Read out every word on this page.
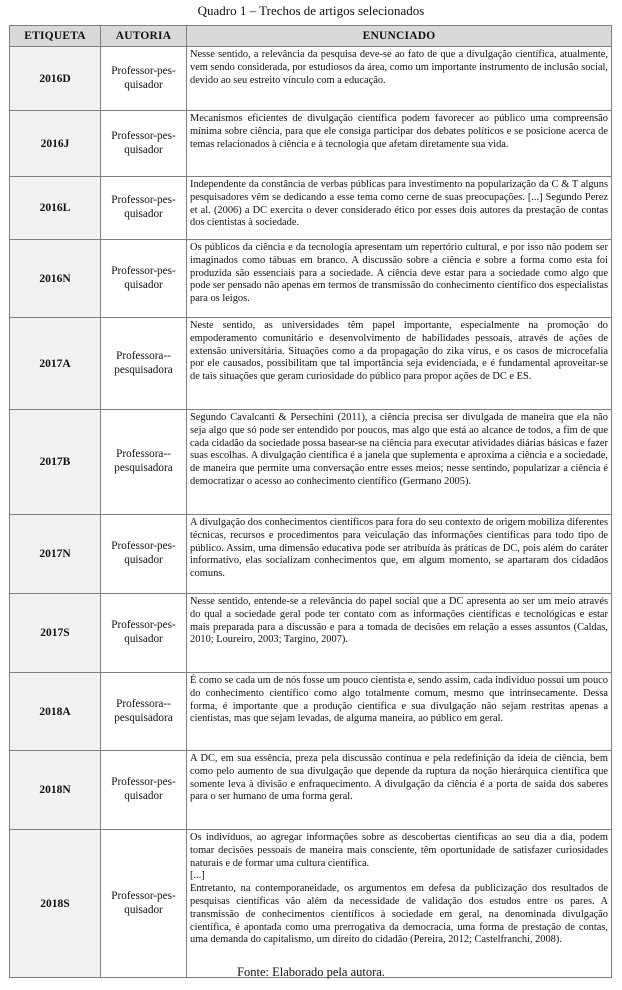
Quadro 1 – Trechos de artigos selecionados
ETIQUETA	AUTORIA	ENUNCIADO
2016D	Professor-pes-quisador	Nesse sentido, a relevância da pesquisa deve-se ao fato de que a divulgação científica, atualmente, vem sendo considerada, por estudiosos da área, como um importante instrumento de inclusão social, devido ao seu estreito vínculo com a educação.

2016J	Professor-pes-quisador	Mecanismos eficientes de divulgação científica podem favorecer ao público uma compreensão mínima sobre ciência, para que ele consiga participar dos debates políticos e se posicione acerca de temas relacionados à ciência e à tecnologia que afetam diretamente sua vida.

2016L	Professor-pes-quisador	Independente da constância de verbas públicas para investimento na popularização da C & T alguns pesquisadores vêm se dedicando a esse tema como cerne de suas preocupações. [...] Segundo Perez et al. (2006) a DC exercita o dever considerado ético por esses dois autores da prestação de contas dos cientistas à sociedade.

2016N	Professor-pes-quisador	Os públicos da ciência e da tecnologia apresentam um repertório cultural, e por isso não podem ser imaginados como tábuas em branco. A discussão sobre a ciência e sobre a forma como esta foi produzida são essenciais para a sociedade. A ciência deve estar para a sociedade como algo que pode ser pensado não apenas em termos de transmissão do conhecimento científico dos especialistas para os leigos.

2017A	Professora--pesquisadora	Neste sentido, as universidades têm papel importante, especialmente na promoção do empoderamento comunitário e desenvolvimento de habilidades pessoais, através de ações de extensão universitária. Situações como a da propagação do zika vírus, e os casos de microcefalia por ele causados, possibilitam que tal importância seja evidenciada, e é fundamental aproveitar-se de tais situações que geram curiosidade do público para propor ações de DC e ES.

2017B	Professora--pesquisadora	Segundo Cavalcanti & Persechini (2011), a ciência precisa ser divulgada de maneira que ela não seja algo que só pode ser entendido por poucos, mas algo que está ao alcance de todos, a fim de que cada cidadão da sociedade possa basear-se na ciência para executar atividades diárias básicas e fazer suas escolhas. A divulgação científica é a janela que suplementa e aproxima a ciência e a sociedade, de maneira que permite uma conversação entre esses meios; nesse sentindo, popularizar a ciência é democratizar o acesso ao conhecimento científico (Germano 2005).

2017N	Professor-pes-quisador	A divulgação dos conhecimentos científicos para fora do seu contexto de origem mobiliza diferentes técnicas, recursos e procedimentos para veiculação das informações científicas para todo tipo de público. Assim, uma dimensão educativa pode ser atribuída às práticas de DC, pois além do caráter informativo, elas socializam conhecimentos que, em algum momento, se apartaram dos cidadãos comuns.

2017S	Professor-pes-quisador	Nesse sentido, entende-se a relevância do papel social que a DC apresenta ao ser um meio através do qual a sociedade geral pode ter contato com as informações científicas e tecnológicas e estar mais preparada para a discussão e para a tomada de decisões em relação a esses assuntos (Caldas, 2010; Loureiro, 2003; Targino, 2007).

2018A	Professora--pesquisadora	É como se cada um de nós fosse um pouco cientista e, sendo assim, cada indivíduo possui um pouco do conhecimento científico como algo totalmente comum, mesmo que intrinsecamente. Dessa forma, é importante que a produção científica e sua divulgação não sejam restritas apenas a cientistas, mas que sejam levadas, de alguma maneira, ao público em geral.

2018N	Professor-pes-quisador	A DC, em sua essência, preza pela discussão contínua e pela redefinição da ideia de ciência, bem como pelo aumento de sua divulgação que depende da ruptura da noção hierárquica científica que somente leva à divisão e enfraquecimento. A divulgação da ciência é a porta de saída dos saberes para o ser humano de uma forma geral.

2018S	Professor-pes-quisador	Os indivíduos, ao agregar informações sobre as descobertas científicas ao seu dia a dia, podem tomar decisões pessoais de maneira mais consciente, têm oportunidade de satisfazer curiosidades naturais e de formar uma cultura científica.

[...]

Entretanto, na contemporaneidade, os argumentos em defesa da publicização dos resultados de pesquisas científicas vão além da necessidade de validação dos estudos entre os pares. A transmissão de conhecimentos científicos à sociedade em geral, na denominada divulgação científica, é apontada como uma prerrogativa da democracia, uma forma de prestação de contas, uma demanda do capitalismo, um direito do cidadão (Pereira, 2012; Castelfranchi, 2008).

Fonte: Elaborado pela autora.
